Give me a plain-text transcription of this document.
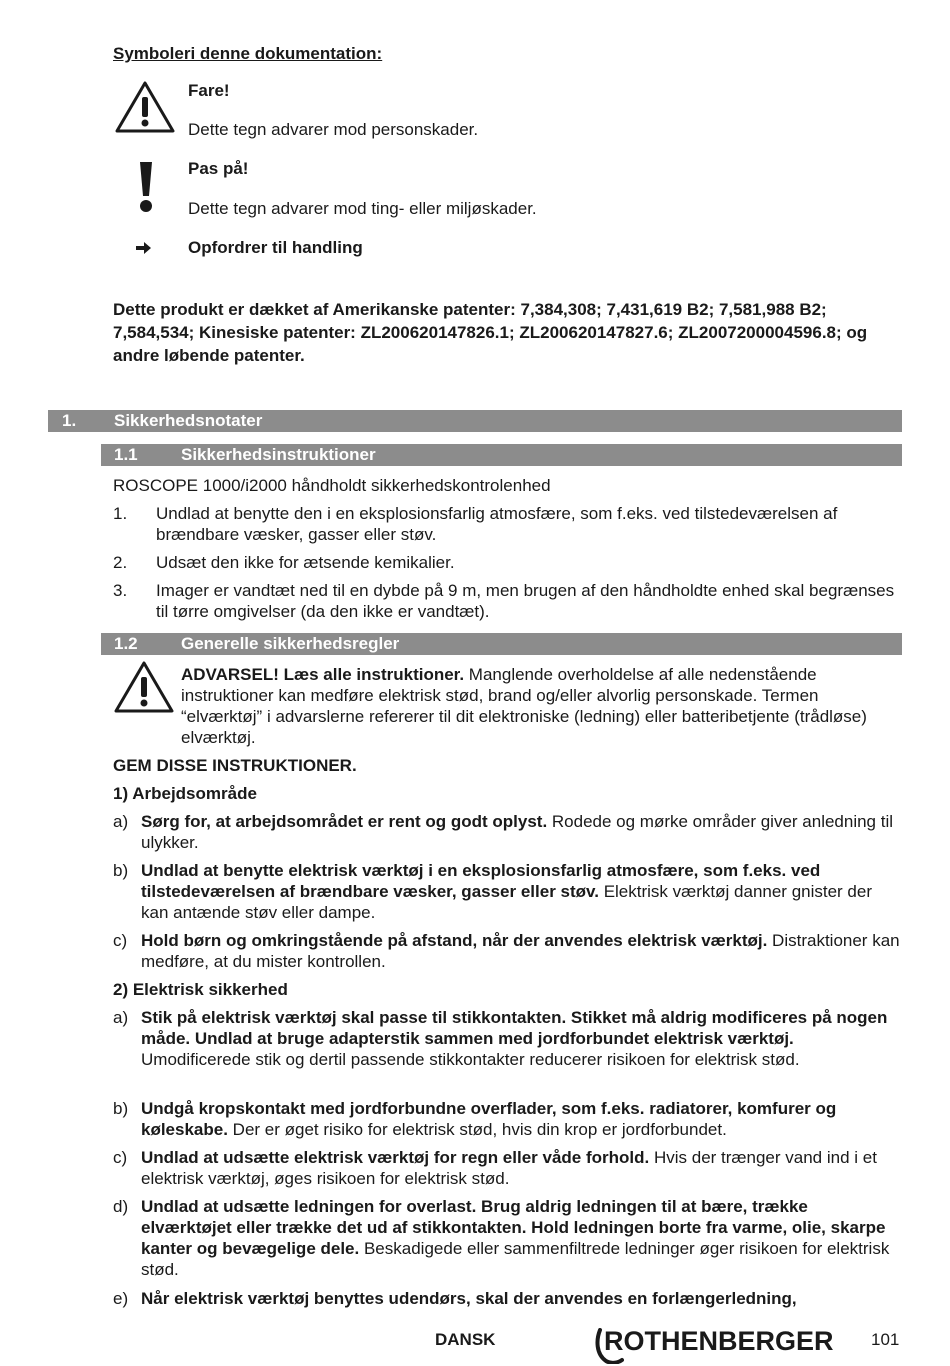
Symboleri denne dokumentation:
Fare!
Dette tegn advarer mod personskader.
Pas på!
Dette tegn advarer mod ting- eller miljøskader.
Opfordrer til handling
Dette produkt er dækket af Amerikanske patenter: 7,384,308; 7,431,619 B2; 7,581,988 B2; 7,584,534; Kinesiske patenter: ZL200620147826.1; ZL200620147827.6; ZL2007200004596.8; og andre løbende patenter.
1. Sikkerhedsnotater
1.1	Sikkerhedsinstruktioner
ROSCOPE 1000/i2000 håndholdt sikkerhedskontrolenhed
1. Undlad at benytte den i en eksplosionsfarlig atmosfære, som f.eks. ved tilstedeværelsen af brændbare væsker, gasser eller støv.
2. Udsæt den ikke for ætsende kemikalier.
3. Imager er vandtæt ned til en dybde på 9 m, men brugen af den håndholdte enhed skal begrænses til tørre omgivelser (da den ikke er vandtæt).
1.2	Generelle sikkerhedsregler
ADVARSEL! Læs alle instruktioner. Manglende overholdelse af alle nedenstående instruktioner kan medføre elektrisk stød, brand og/eller alvorlig personskade. Termen “elværktøj” i advarslerne refererer til dit elektroniske (ledning) eller batteribetjente (trådløse) elværktøj.
GEM DISSE INSTRUKTIONER.
1) Arbejdsområde
a) Sørg for, at arbejdsområdet er rent og godt oplyst. Rodede og mørke områder giver anledning til ulykker.
b) Undlad at benytte elektrisk værktøj i en eksplosionsfarlig atmosfære, som f.eks. ved tilstedeværelsen af brændbare væsker, gasser eller støv. Elektrisk værktøj danner gnister der kan antænde støv eller dampe.
c) Hold børn og omkringstående på afstand, når der anvendes elektrisk værktøj. Distraktioner kan medføre, at du mister kontrollen.
2) Elektrisk sikkerhed
a) Stik på elektrisk værktøj skal passe til stikkontakten. Stikket må aldrig modificeres på nogen måde. Undlad at bruge adapterstik sammen med jordforbundet elektrisk værktøj. Umodificerede stik og dertil passende stikkontakter reducerer risikoen for elektrisk stød.
b) Undgå kropskontakt med jordforbundne overflader, som f.eks. radiatorer, komfurer og køleskabe. Der er øget risiko for elektrisk stød, hvis din krop er jordforbundet.
c) Undlad at udsætte elektrisk værktøj for regn eller våde forhold. Hvis der trænger vand ind i et elektrisk værktøj, øges risikoen for elektrisk stød.
d) Undlad at udsætte ledningen for overlast. Brug aldrig ledningen til at bære, trække elværktøjet eller trække det ud af stikkontakten. Hold ledningen borte fra varme, olie, skarpe kanter og bevægelige dele. Beskadigede eller sammenfiltrede ledninger øger risikoen for elektrisk stød.
e) Når elektrisk værktøj benyttes udendørs, skal der anvendes en forlængerledning,
DANSK	ROTHENBERGER 101
